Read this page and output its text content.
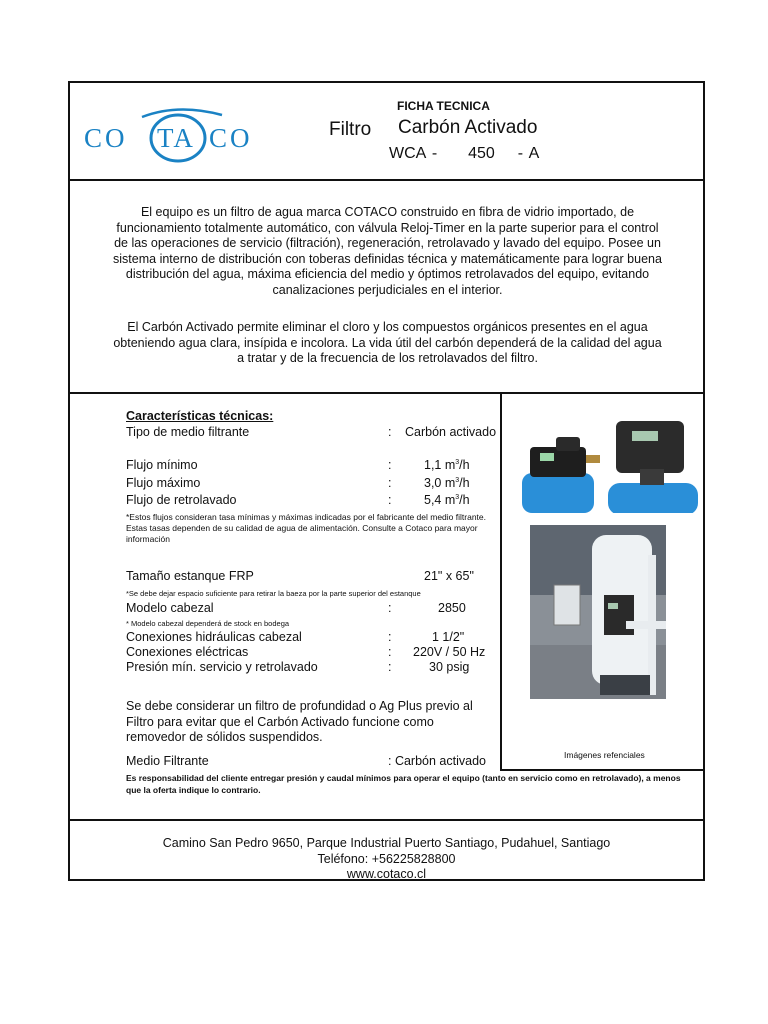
CO TA CO
FICHA TECNICA
Filtro Carbón Activado
WCA - 450 - A
El equipo es un filtro de agua marca COTACO construido en fibra de vidrio importado, de funcionamiento totalmente automático, con válvula Reloj-Timer en la parte superior para el control de las operaciones de servicio (filtración), regeneración, retrolavado y lavado del equipo. Posee un sistema interno de distribución con toberas definidas técnica y matemáticamente para lograr buena distribución del agua, máxima eficiencia del medio y óptimos retrolavados del equipo, evitando canalizaciones perjudiciales en el interior.
El Carbón Activado permite eliminar el cloro y los compuestos orgánicos presentes en el agua obteniendo agua clara, insípida e incolora. La vida útil del carbón dependerá de la calidad del agua a tratar y de la frecuencia de los retrolavados del filtro.
Características técnicas:
Tipo de medio filtrante	: Carbón activado
Flujo mínimo	:	1,1 $m^3/h$
Flujo máximo	:	3,0 $m^3/h$
Flujo de retrolavado	:	5,4 $m^3/h$
*Estos flujos consideran tasa mínimas y máximas indicadas por el fabricante del medio filtrante. Estas tasas dependen de su calidad de agua de alimentación. Consulte a Cotaco para mayor información
Tamaño estanque FRP	21" x 65"
*Se debe dejar espacio suficiente para retirar la baeza por la parte superior del estanque
Modelo cabezal	:	2850
* Modelo cabezal dependerá de stock en bodega
Conexiones hidráulicas cabezal	:	1 1/2"
Conexiones eléctricas	: 220V / 50 Hz
Presión mín. servicio y retrolavado	:	30 psig
Se debe considerar un filtro de profundidad o Ag Plus previo al Filtro para evitar que el Carbón Activado funcione como removedor de sólidos suspendidos.
Medio Filtrante	: Carbón activado	Imágenes refenciales
Es responsabilidad del cliente entregar presión y caudal mínimos para operar el equipo (tanto en servicio como en retrolavado), a menos que la oferta indique lo contrario.
Camino San Pedro 9650, Parque Industrial Puerto Santiago, Pudahuel, Santiago
Teléfono: +56225828800
www.cotaco.cl
